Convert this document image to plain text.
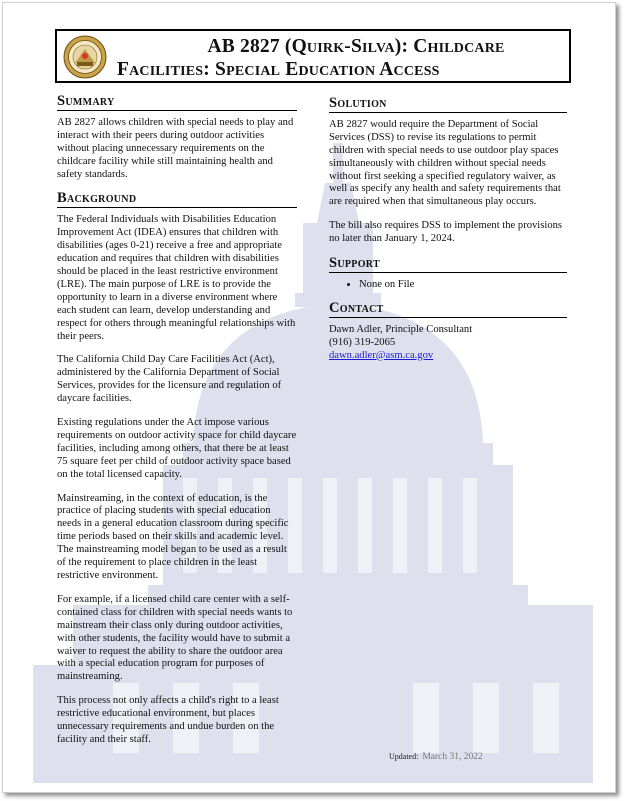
AB 2827 (Quirk-Silva): Childcare
Facilities: Special Education Access
Summary

AB 2827 allows children with special needs to play and interact with their peers during outdoor activities without placing unnecessary requirements on the childcare facility while still maintaining health and safety standards.

Background

The Federal Individuals with Disabilities Education Improvement Act (IDEA) ensures that children with disabilities (ages 0-21) receive a free and appropriate education and requires that children with disabilities should be placed in the least restrictive environment (LRE). The main purpose of LRE is to provide the opportunity to learn in a diverse environment where each student can learn, develop understanding and respect for others through meaningful relationships with their peers.

The California Child Day Care Facilities Act (Act), administered by the California Department of Social Services, provides for the licensure and regulation of daycare facilities.

Existing regulations under the Act impose various requirements on outdoor activity space for child daycare facilities, including among others, that there be at least 75 square feet per child of outdoor activity space based on the total licensed capacity.

Mainstreaming, in the context of education, is the practice of placing students with special education needs in a general education classroom during specific time periods based on their skills and academic level. The mainstreaming model began to be used as a result of the requirement to place children in the least restrictive environment.

For example, if a licensed child care center with a self-contained class for children with special needs wants to mainstream their class only during outdoor activities, with other students, the facility would have to submit a waiver to request the ability to share the outdoor area with a special education program for purposes of mainstreaming.

This process not only affects a child's right to a least restrictive educational environment, but places unnecessary requirements and undue burden on the facility and their staff.

Solution

AB 2827 would require the Department of Social Services (DSS) to revise its regulations to permit children with special needs to use outdoor play spaces simultaneously with children without special needs without first seeking a specified regulatory waiver, as well as specify any health and safety requirements that are required when that simultaneous play occurs.

The bill also requires DSS to implement the provisions no later than January 1, 2024.

Support
• None on File
Contact
Dawn Adler, Principle Consultant
(916) 319-2065
dawn.adler@asm.ca.gov
Updated: March 31, 2022
